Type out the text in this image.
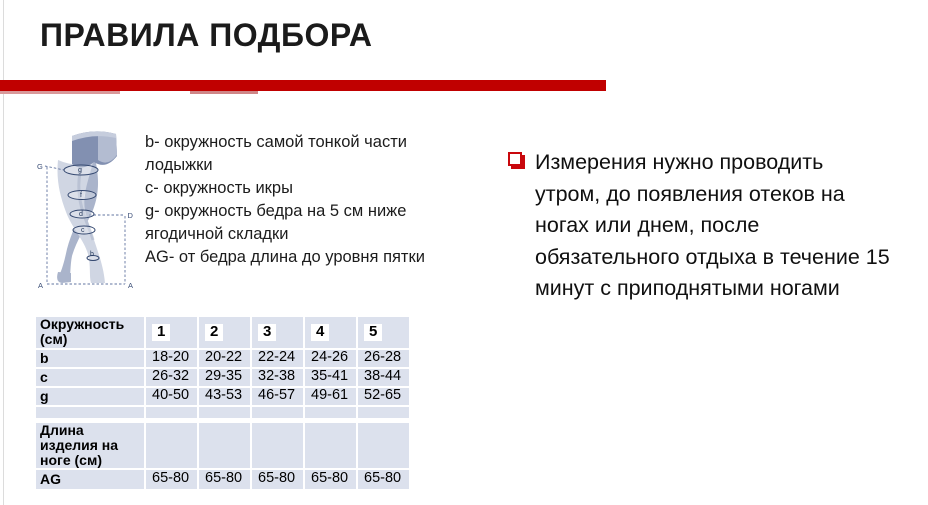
ПРАВИЛА ПОДБОРА
G	g
f
d	D
c
b
A	A
b- окружность самой тонкой части
лодыжки
c- окружность икры
g- окружность бедра на 5 см ниже
ягодичной складки
AG- от бедра длина до уровня пятки
Измерения нужно проводить
утром, до появления отеков на
ногах или днем, после
обязательного отдыха в течение 15
минут с приподнятыми ногами
Окружность (см)	1	2	3	4	5
b	18-20	20-22	22-24	24-26	26-28
c	26-32	29-35	32-38	35-41	38-44
g	40-50	43-53	46-57	49-61	52-65

Длина изделия на ноге (см)					
AG	65-80	65-80	65-80	65-80	65-80
